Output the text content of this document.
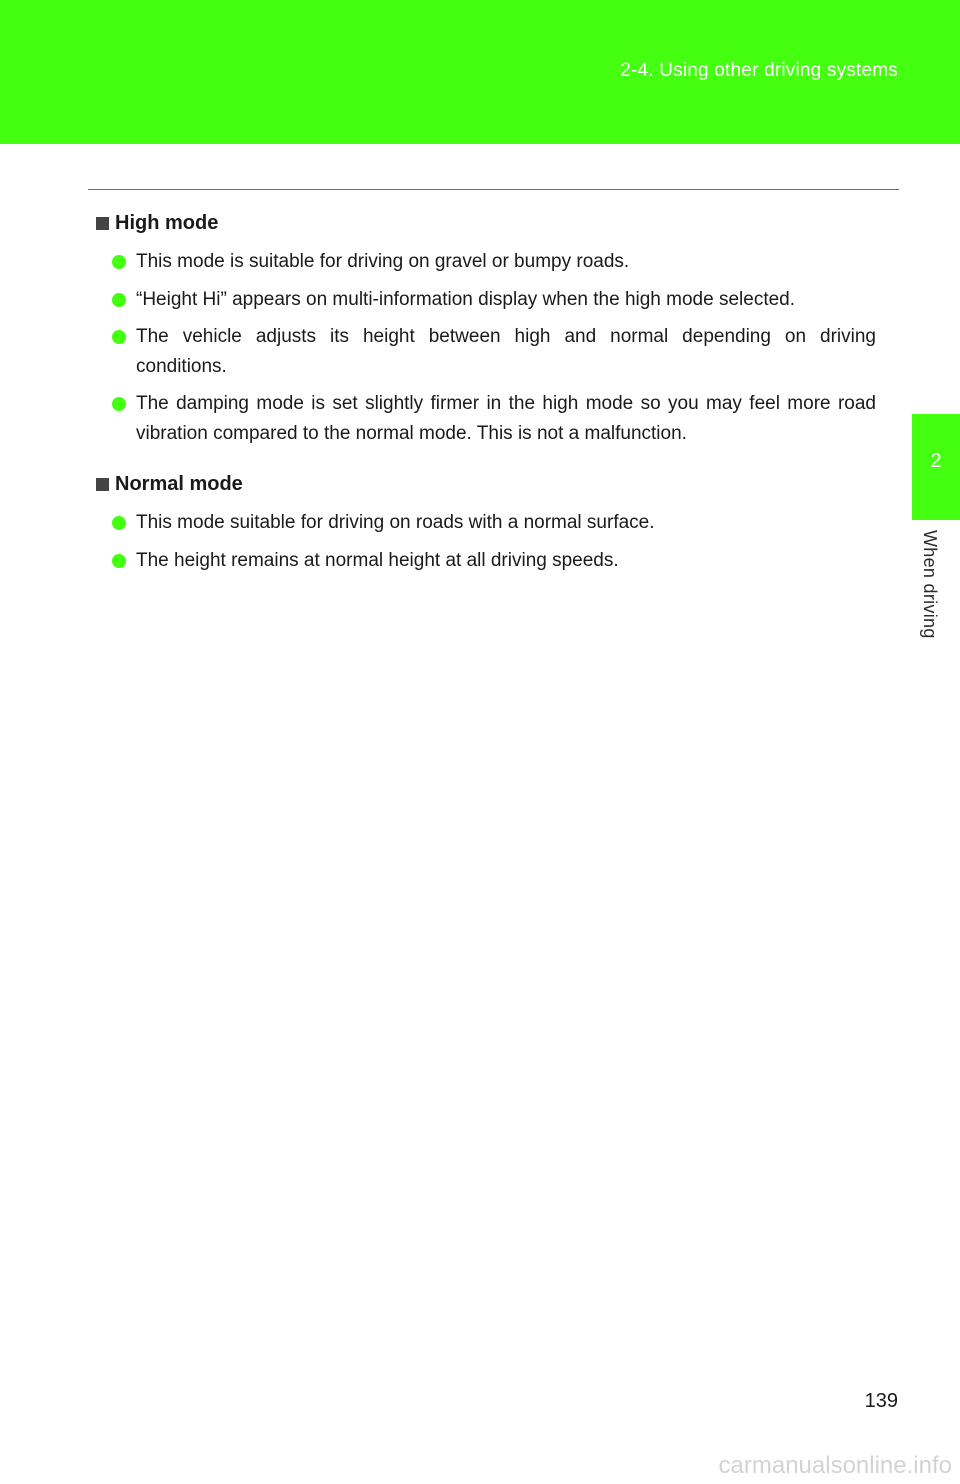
2-4. Using other driving systems
2
When driving
High mode
This mode is suitable for driving on gravel or bumpy roads.
“Height Hi” appears on multi-information display when the high mode selected.
The vehicle adjusts its height between high and normal depending on driving conditions.
The damping mode is set slightly firmer in the high mode so you may feel more road vibration compared to the normal mode. This is not a malfunction.
Normal mode
This mode suitable for driving on roads with a normal surface.
The height remains at normal height at all driving speeds.
139
carmanualsonline.info
